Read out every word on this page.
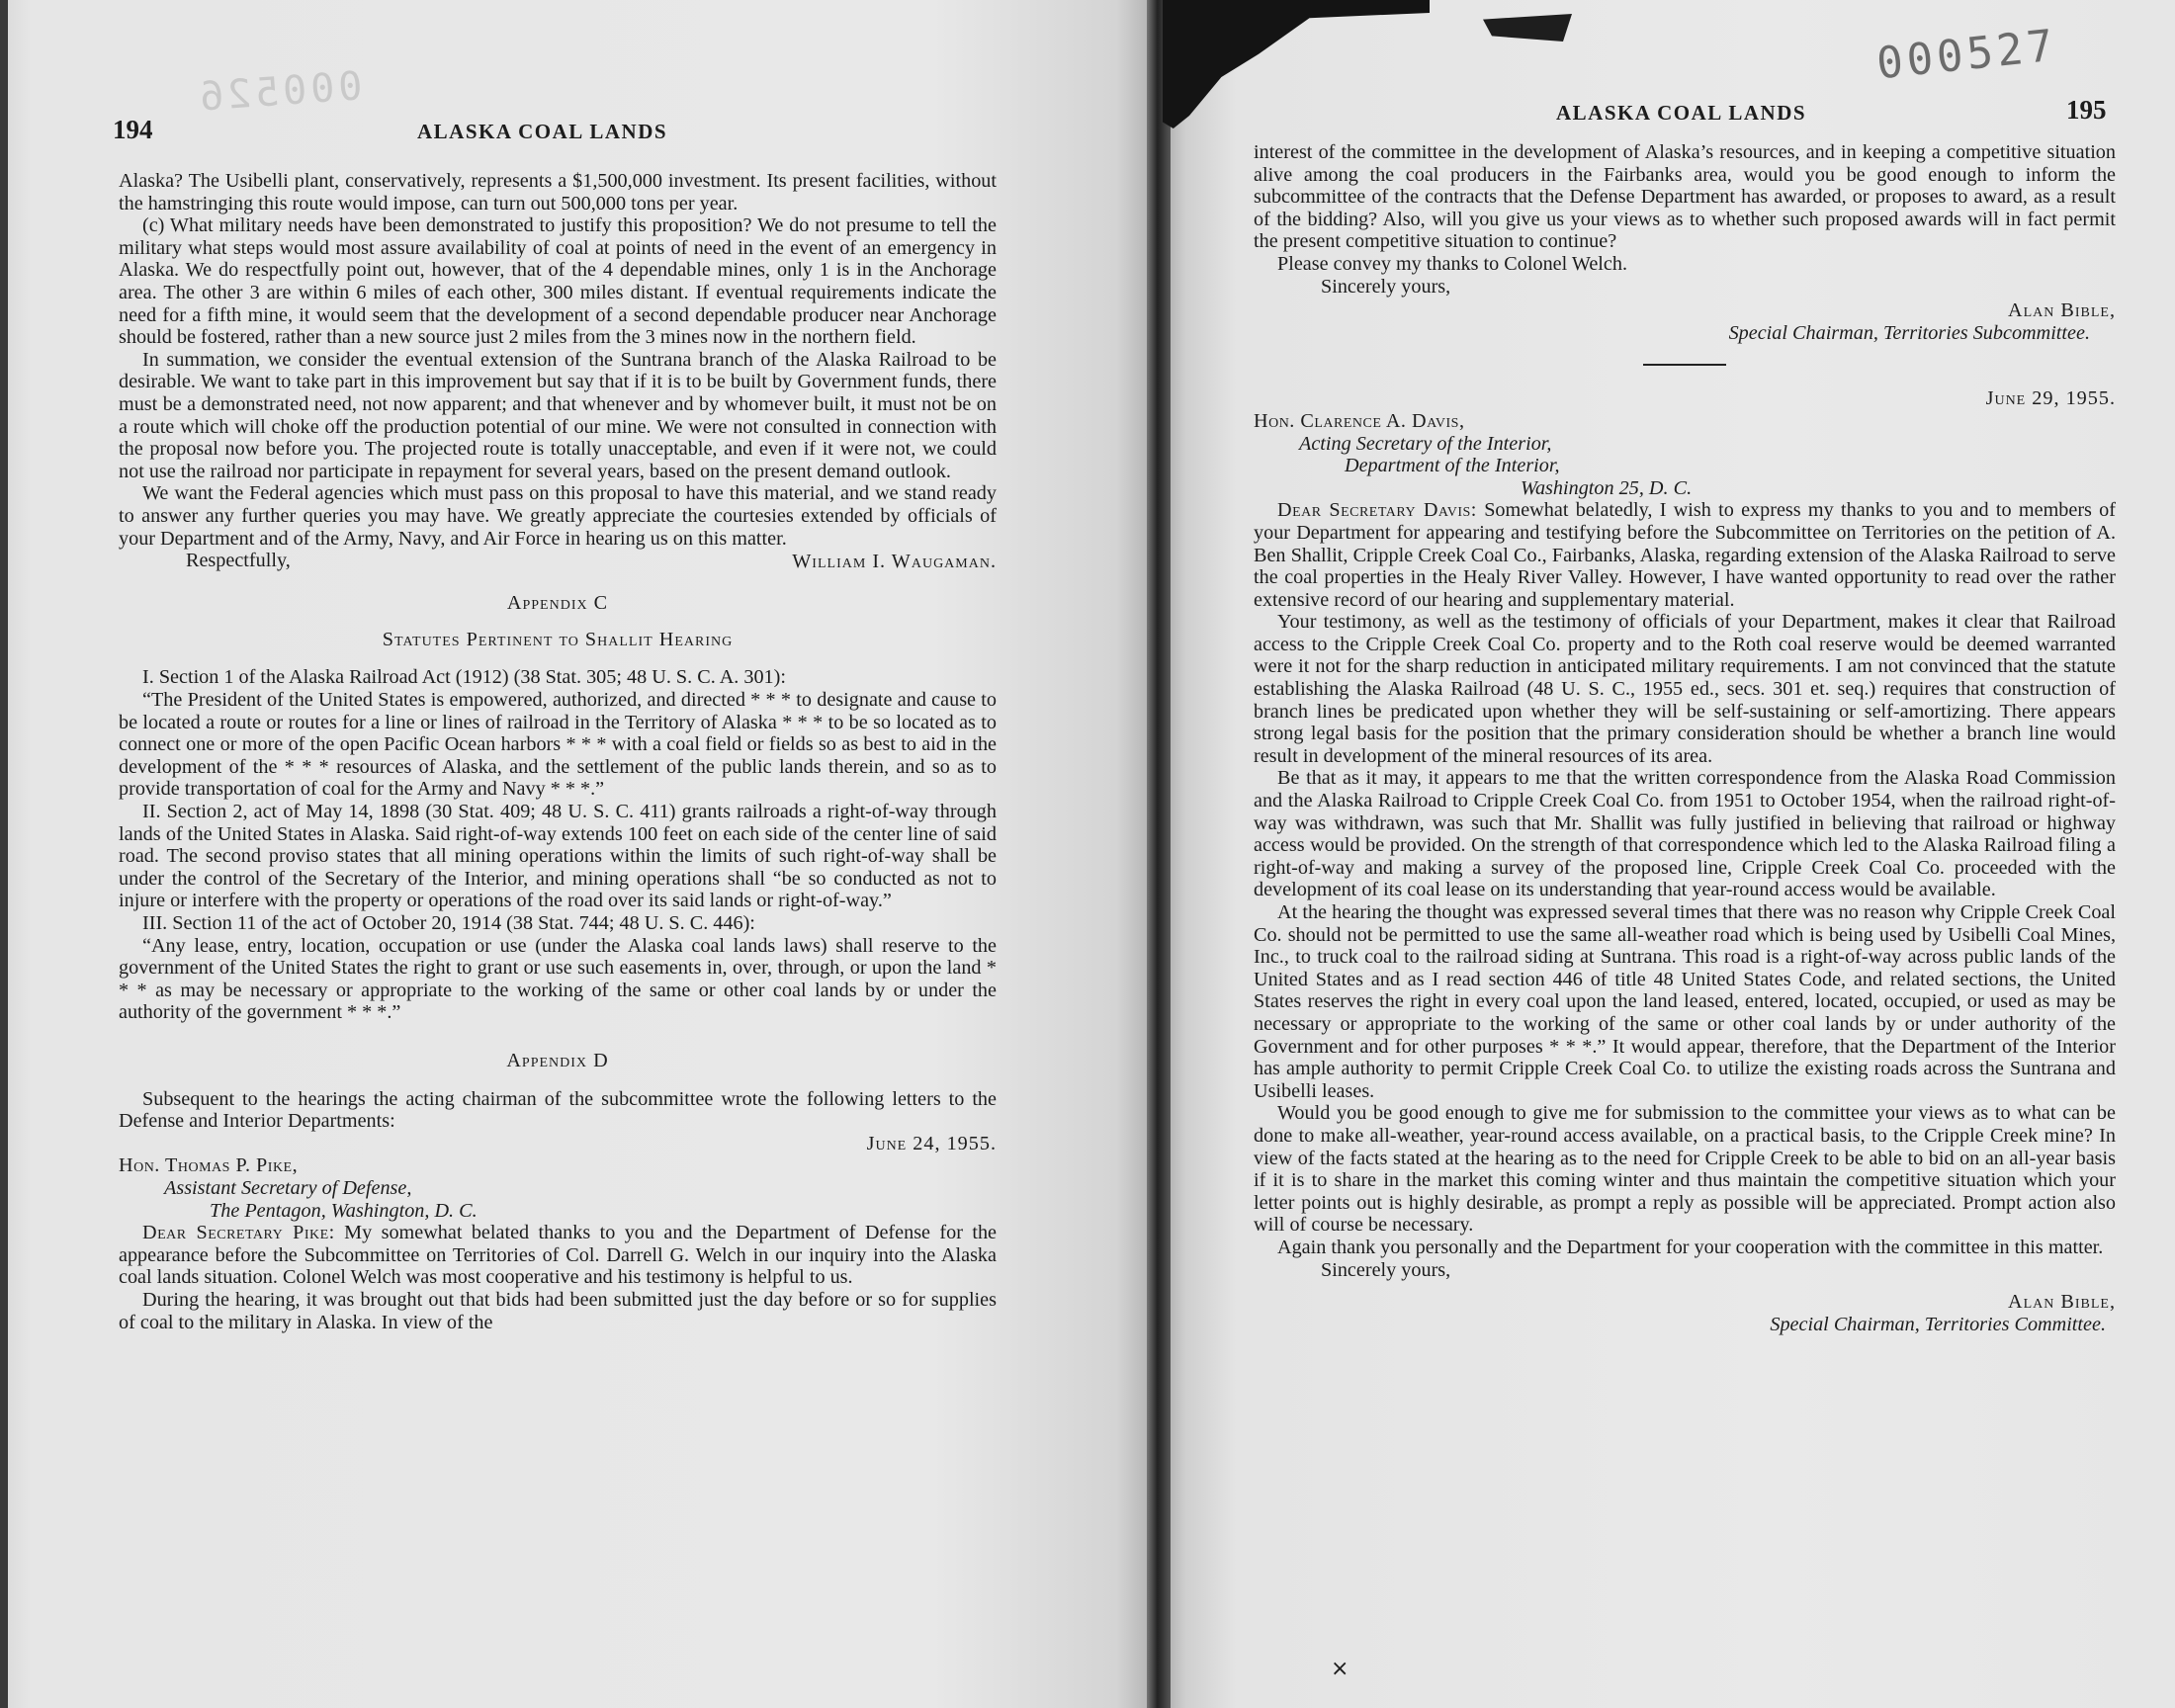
000526
194	ALASKA COAL LANDS

Alaska? The Usibelli plant, conservatively, represents a $1,500,000 investment. Its present facilities, without the hamstringing this route would impose, can turn out 500,000 tons per year.

(c) What military needs have been demonstrated to justify this proposition? We do not presume to tell the military what steps would most assure availability of coal at points of need in the event of an emergency in Alaska. We do respectfully point out, however, that of the 4 dependable mines, only 1 is in the Anchorage area. The other 3 are within 6 miles of each other, 300 miles distant. If eventual requirements indicate the need for a fifth mine, it would seem that the development of a second dependable producer near Anchorage should be fostered, rather than a new source just 2 miles from the 3 mines now in the northern field.

In summation, we consider the eventual extension of the Suntrana branch of the Alaska Railroad to be desirable. We want to take part in this improvement but say that if it is to be built by Government funds, there must be a demonstrated need, not now apparent; and that whenever and by whomever built, it must not be on a route which will choke off the production potential of our mine. We were not consulted in connection with the proposal now before you. The projected route is totally unacceptable, and even if it were not, we could not use the railroad nor participate in repayment for several years, based on the present demand outlook.

We want the Federal agencies which must pass on this proposal to have this material, and we stand ready to answer any further queries you may have. We greatly appreciate the courtesies extended by officials of your Department and of the Army, Navy, and Air Force in hearing us on this matter.

Respectfully,	William I. Waugaman.

Appendix C

Statutes Pertinent to Shallit Hearing

I. Section 1 of the Alaska Railroad Act (1912) (38 Stat. 305; 48 U. S. C. A. 301):

“The President of the United States is empowered, authorized, and directed * * * to designate and cause to be located a route or routes for a line or lines of railroad in the Territory of Alaska * * * to be so located as to connect one or more of the open Pacific Ocean harbors * * * with a coal field or fields so as best to aid in the development of the * * * resources of Alaska, and the settlement of the public lands therein, and so as to provide transportation of coal for the Army and Navy * * *.”

II. Section 2, act of May 14, 1898 (30 Stat. 409; 48 U. S. C. 411) grants railroads a right-of-way through lands of the United States in Alaska. Said right-of-way extends 100 feet on each side of the center line of said road. The second proviso states that all mining operations within the limits of such right-of-way shall be under the control of the Secretary of the Interior, and mining operations shall “be so conducted as not to injure or interfere with the property or operations of the road over its said lands or right-of-way.”

III. Section 11 of the act of October 20, 1914 (38 Stat. 744; 48 U. S. C. 446):

“Any lease, entry, location, occupation or use (under the Alaska coal lands laws) shall reserve to the government of the United States the right to grant or use such easements in, over, through, or upon the land * * * as may be necessary or appropriate to the working of the same or other coal lands by or under the authority of the government * * *.”

Appendix D

Subsequent to the hearings the acting chairman of the subcommittee wrote the following letters to the Defense and Interior Departments:

June 24, 1955.

Hon. Thomas P. Pike,

Assistant Secretary of Defense,

The Pentagon, Washington, D. C.

Dear Secretary Pike: My somewhat belated thanks to you and the Department of Defense for the appearance before the Subcommittee on Territories of Col. Darrell G. Welch in our inquiry into the Alaska coal lands situation. Colonel Welch was most cooperative and his testimony is helpful to us.

During the hearing, it was brought out that bids had been submitted just the day before or so for supplies of coal to the military in Alaska. In view of the

000527
ALASKA COAL LANDS	195

interest of the committee in the development of Alaska’s resources, and in keeping a competitive situation alive among the coal producers in the Fairbanks area, would you be good enough to inform the subcommittee of the contracts that the Defense Department has awarded, or proposes to award, as a result of the bidding? Also, will you give us your views as to whether such proposed awards will in fact permit the present competitive situation to continue?

Please convey my thanks to Colonel Welch.

Sincerely yours,

Alan Bible,

Special Chairman, Territories Subcommittee.

June 29, 1955.

Hon. Clarence A. Davis,

Acting Secretary of the Interior,

Department of the Interior,

Washington 25, D. C.

Dear Secretary Davis: Somewhat belatedly, I wish to express my thanks to you and to members of your Department for appearing and testifying before the Subcommittee on Territories on the petition of A. Ben Shallit, Cripple Creek Coal Co., Fairbanks, Alaska, regarding extension of the Alaska Railroad to serve the coal properties in the Healy River Valley. However, I have wanted opportunity to read over the rather extensive record of our hearing and supplementary material.

Your testimony, as well as the testimony of officials of your Department, makes it clear that Railroad access to the Cripple Creek Coal Co. property and to the Roth coal reserve would be deemed warranted were it not for the sharp reduction in anticipated military requirements. I am not convinced that the statute establishing the Alaska Railroad (48 U. S. C., 1955 ed., secs. 301 et. seq.) requires that construction of branch lines be predicated upon whether they will be self-sustaining or self-amortizing. There appears strong legal basis for the position that the primary consideration should be whether a branch line would result in development of the mineral resources of its area.

Be that as it may, it appears to me that the written correspondence from the Alaska Road Commission and the Alaska Railroad to Cripple Creek Coal Co. from 1951 to October 1954, when the railroad right-of-way was withdrawn, was such that Mr. Shallit was fully justified in believing that railroad or highway access would be provided. On the strength of that correspondence which led to the Alaska Railroad filing a right-of-way and making a survey of the proposed line, Cripple Creek Coal Co. proceeded with the development of its coal lease on its understanding that year-round access would be available.

At the hearing the thought was expressed several times that there was no reason why Cripple Creek Coal Co. should not be permitted to use the same all-weather road which is being used by Usibelli Coal Mines, Inc., to truck coal to the railroad siding at Suntrana. This road is a right-of-way across public lands of the United States and as I read section 446 of title 48 United States Code, and related sections, the United States reserves the right in every coal upon the land leased, entered, located, occupied, or used as may be necessary or appropriate to the working of the same or other coal lands by or under authority of the Government and for other purposes * * *.” It would appear, therefore, that the Department of the Interior has ample authority to permit Cripple Creek Coal Co. to utilize the existing roads across the Suntrana and Usibelli leases.

Would you be good enough to give me for submission to the committee your views as to what can be done to make all-weather, year-round access available, on a practical basis, to the Cripple Creek mine? In view of the facts stated at the hearing as to the need for Cripple Creek to be able to bid on an all-year basis if it is to share in the market this coming winter and thus maintain the competitive situation which your letter points out is highly desirable, as prompt a reply as possible will be appreciated. Prompt action also will of course be necessary.

Again thank you personally and the Department for your cooperation with the committee in this matter.

Sincerely yours,

Alan Bible,

Special Chairman, Territories Committee.

×
